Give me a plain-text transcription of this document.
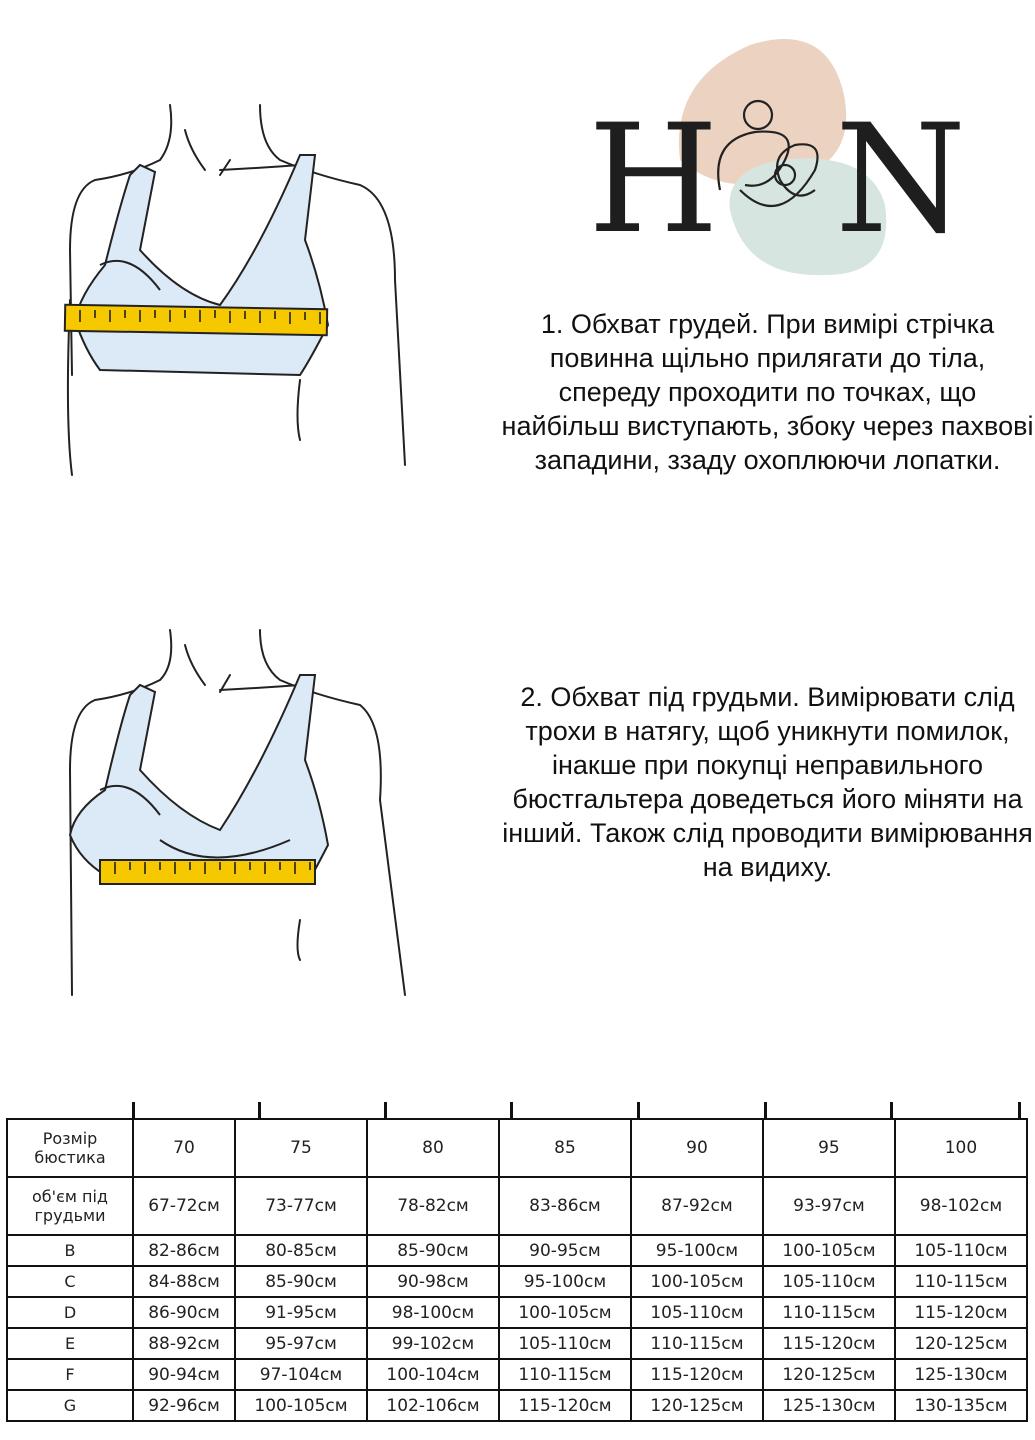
H N
1. Обхват грудей. При вимірі стрічка повинна щільно прилягати до тіла, спереду проходити по точках, що найбільш виступають, збоку через пахвові западини, ззаду охоплюючи лопатки.
2. Обхват під грудьми. Вимірювати слід трохи в натягу, щоб уникнути помилок, інакше при покупці неправильного бюстгальтера доведеться його міняти на інший. Також слід проводити вимірювання на видиху.
Розмір бюстика	70	75	80	85	90	95	100
об'єм під грудьми	67-72см	73-77см	78-82см	83-86см	87-92см	93-97см	98-102см
B	82-86см	80-85см	85-90см	90-95см	95-100см	100-105см	105-110см
C	84-88см	85-90см	90-98см	95-100см	100-105см	105-110см	110-115см
D	86-90см	91-95см	98-100см	100-105см	105-110см	110-115см	115-120см
E	88-92см	95-97см	99-102см	105-110см	110-115см	115-120см	120-125см
F	90-94см	97-104см	100-104см	110-115см	115-120см	120-125см	125-130см
G	92-96см	100-105см	102-106см	115-120см	120-125см	125-130см	130-135см
